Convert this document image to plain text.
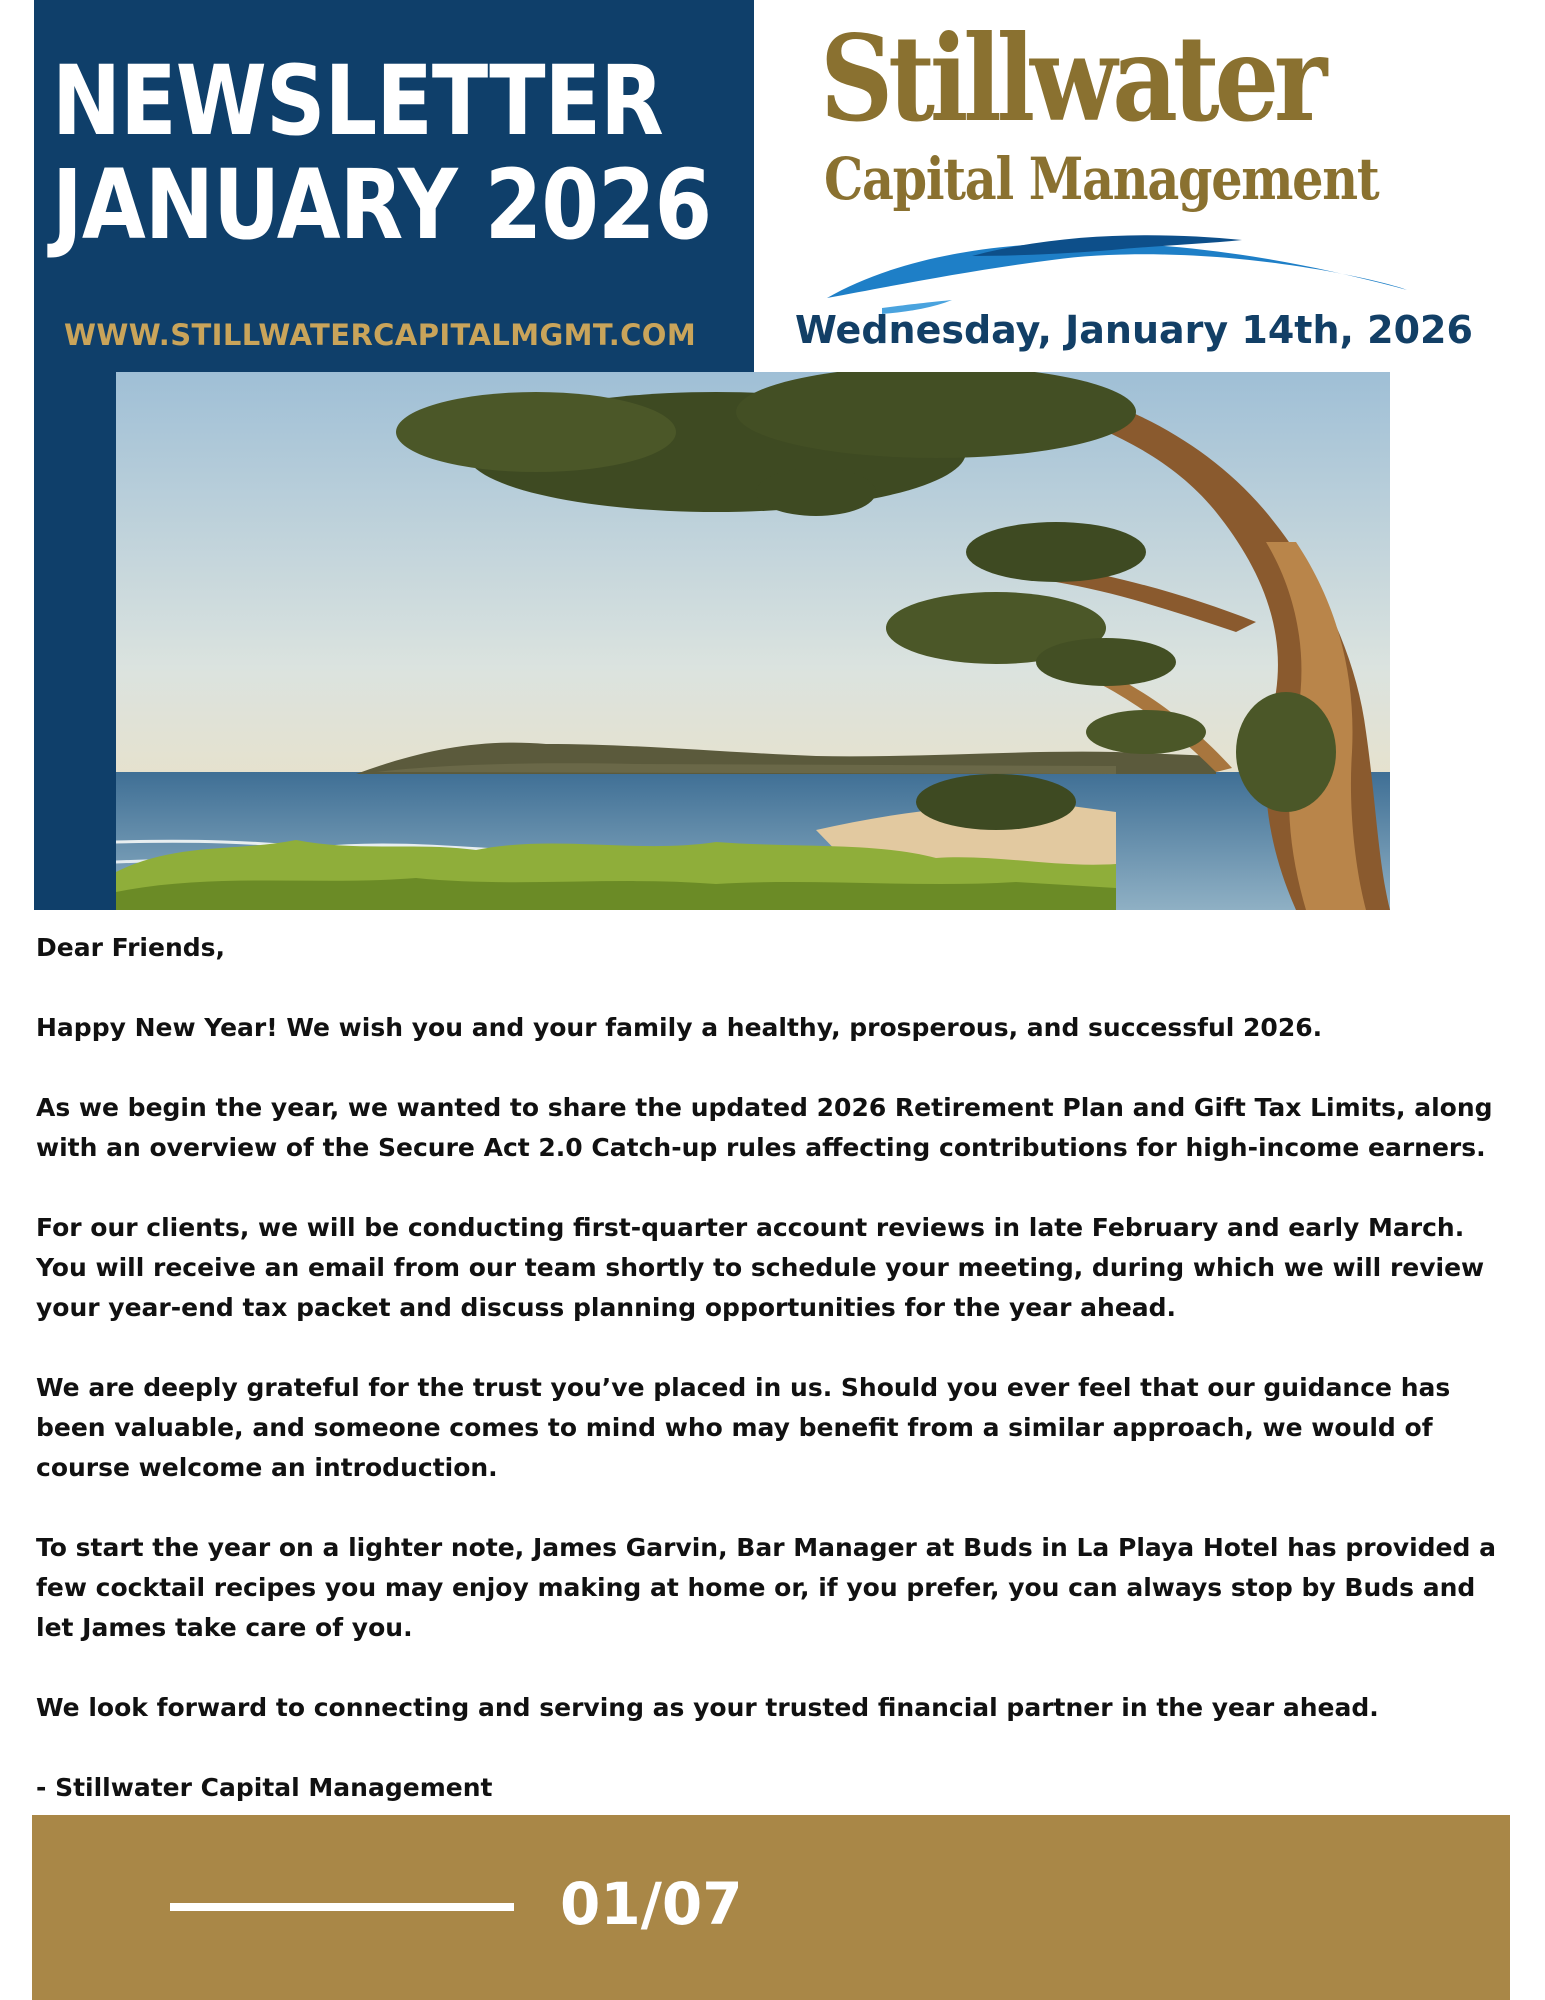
NEWSLETTER
JANUARY 2026
WWW.STILLWATERCAPITALMGMT.COM
Stillwater
Capital Management
Wednesday, January 14th, 2026

Dear Friends,

Happy New Year! We wish you and your family a healthy, prosperous, and successful 2026.

As we begin the year, we wanted to share the updated 2026 Retirement Plan and Gift Tax Limits, along with an overview of the Secure Act 2.0 Catch-up rules affecting contributions for high-income earners.

For our clients, we will be conducting first-quarter account reviews in late February and early March. You will receive an email from our team shortly to schedule your meeting, during which we will review your year-end tax packet and discuss planning opportunities for the year ahead.

We are deeply grateful for the trust you’ve placed in us. Should you ever feel that our guidance has been valuable, and someone comes to mind who may benefit from a similar approach, we would of course welcome an introduction.

To start the year on a lighter note, James Garvin, Bar Manager at Buds in La Playa Hotel has provided a few cocktail recipes you may enjoy making at home or, if you prefer, you can always stop by Buds and let James take care of you.

We look forward to connecting and serving as your trusted financial partner in the year ahead.

- Stillwater Capital Management

01/07
